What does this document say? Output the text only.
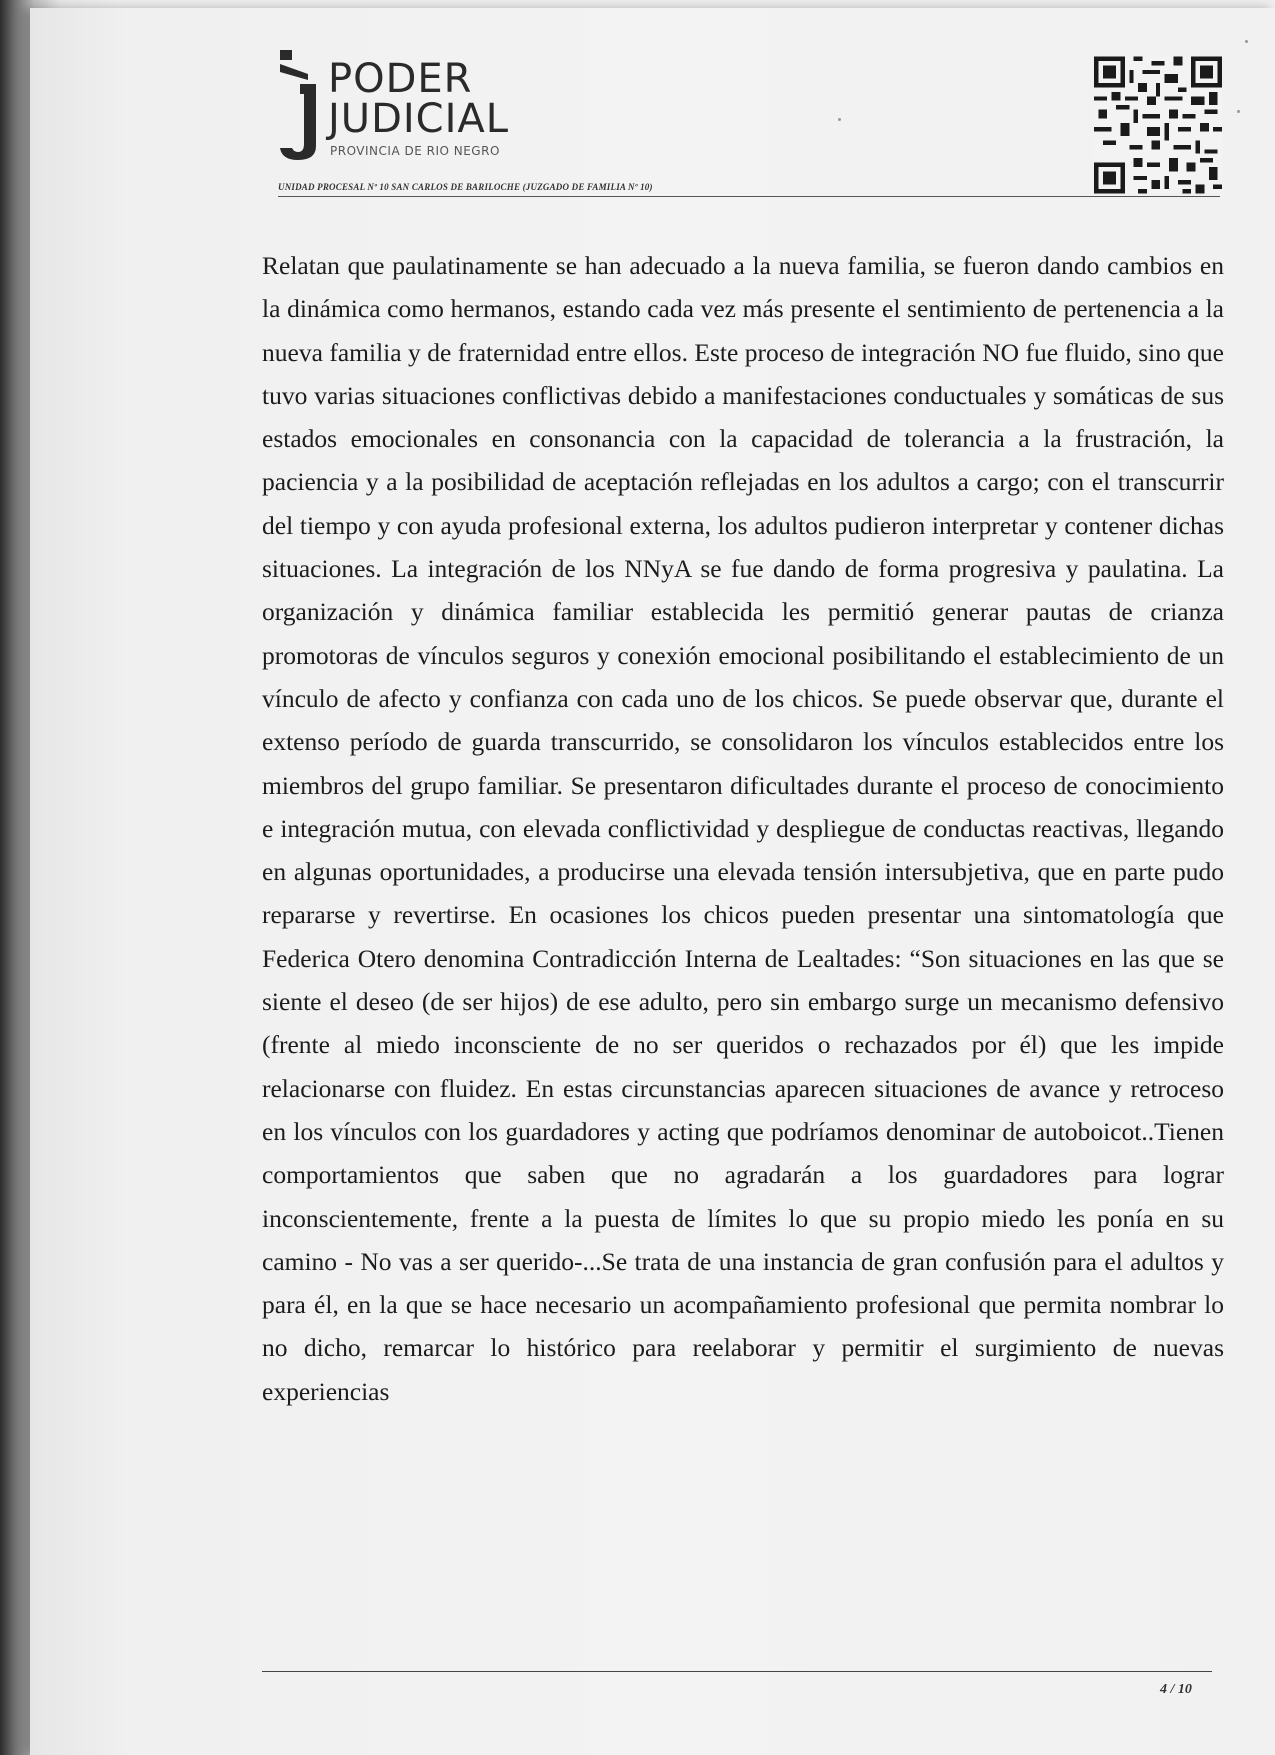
PODER
JUDICIAL
PROVINCIA DE RIO NEGRO
UNIDAD PROCESAL Nº 10 SAN CARLOS DE BARILOCHE (JUZGADO DE FAMILIA Nº 10)

Relatan que paulatinamente se han adecuado a la nueva familia, se fueron dando cambios en la dinámica como hermanos, estando cada vez más presente el sentimiento de pertenencia a la nueva familia y de fraternidad entre ellos. Este proceso de integración NO fue fluido, sino que tuvo varias situaciones conflictivas debido a manifestaciones conductuales y somáticas de sus estados emocionales en consonancia con la capacidad de tolerancia a la frustración, la paciencia y a la posibilidad de aceptación reflejadas en los adultos a cargo; con el transcurrir del tiempo y con ayuda profesional externa, los adultos pudieron interpretar y contener dichas situaciones. La integración de los NNyA se fue dando de forma progresiva y paulatina. La organización y dinámica familiar establecida les permitió generar pautas de crianza promotoras de vínculos seguros y conexión emocional posibilitando el establecimiento de un vínculo de afecto y confianza con cada uno de los chicos. Se puede observar que, durante el extenso período de guarda transcurrido, se consolidaron los vínculos establecidos entre los miembros del grupo familiar. Se presentaron dificultades durante el proceso de conocimiento e integración mutua, con elevada conflictividad y despliegue de conductas reactivas, llegando en algunas oportunidades, a producirse una elevada tensión intersubjetiva, que en parte pudo repararse y revertirse. En ocasiones los chicos pueden presentar una sintomatología que Federica Otero denomina Contradicción Interna de Lealtades: “Son situaciones en las que se siente el deseo (de ser hijos) de ese adulto, pero sin embargo surge un mecanismo defensivo (frente al miedo inconsciente de no ser queridos o rechazados por él) que les impide relacionarse con fluidez. En estas circunstancias aparecen situaciones de avance y retroceso en los vínculos con los guardadores y acting que podríamos denominar de autoboicot..Tienen comportamientos que saben que no agradarán a los guardadores para lograr inconscientemente, frente a la puesta de límites lo que su propio miedo les ponía en su camino - No vas a ser querido-...Se trata de una instancia de gran confusión para el adultos y para él, en la que se hace necesario un acompañamiento profesional que permita nombrar lo no dicho, remarcar lo histórico para reelaborar y permitir el surgimiento de nuevas experiencias

4 / 10
